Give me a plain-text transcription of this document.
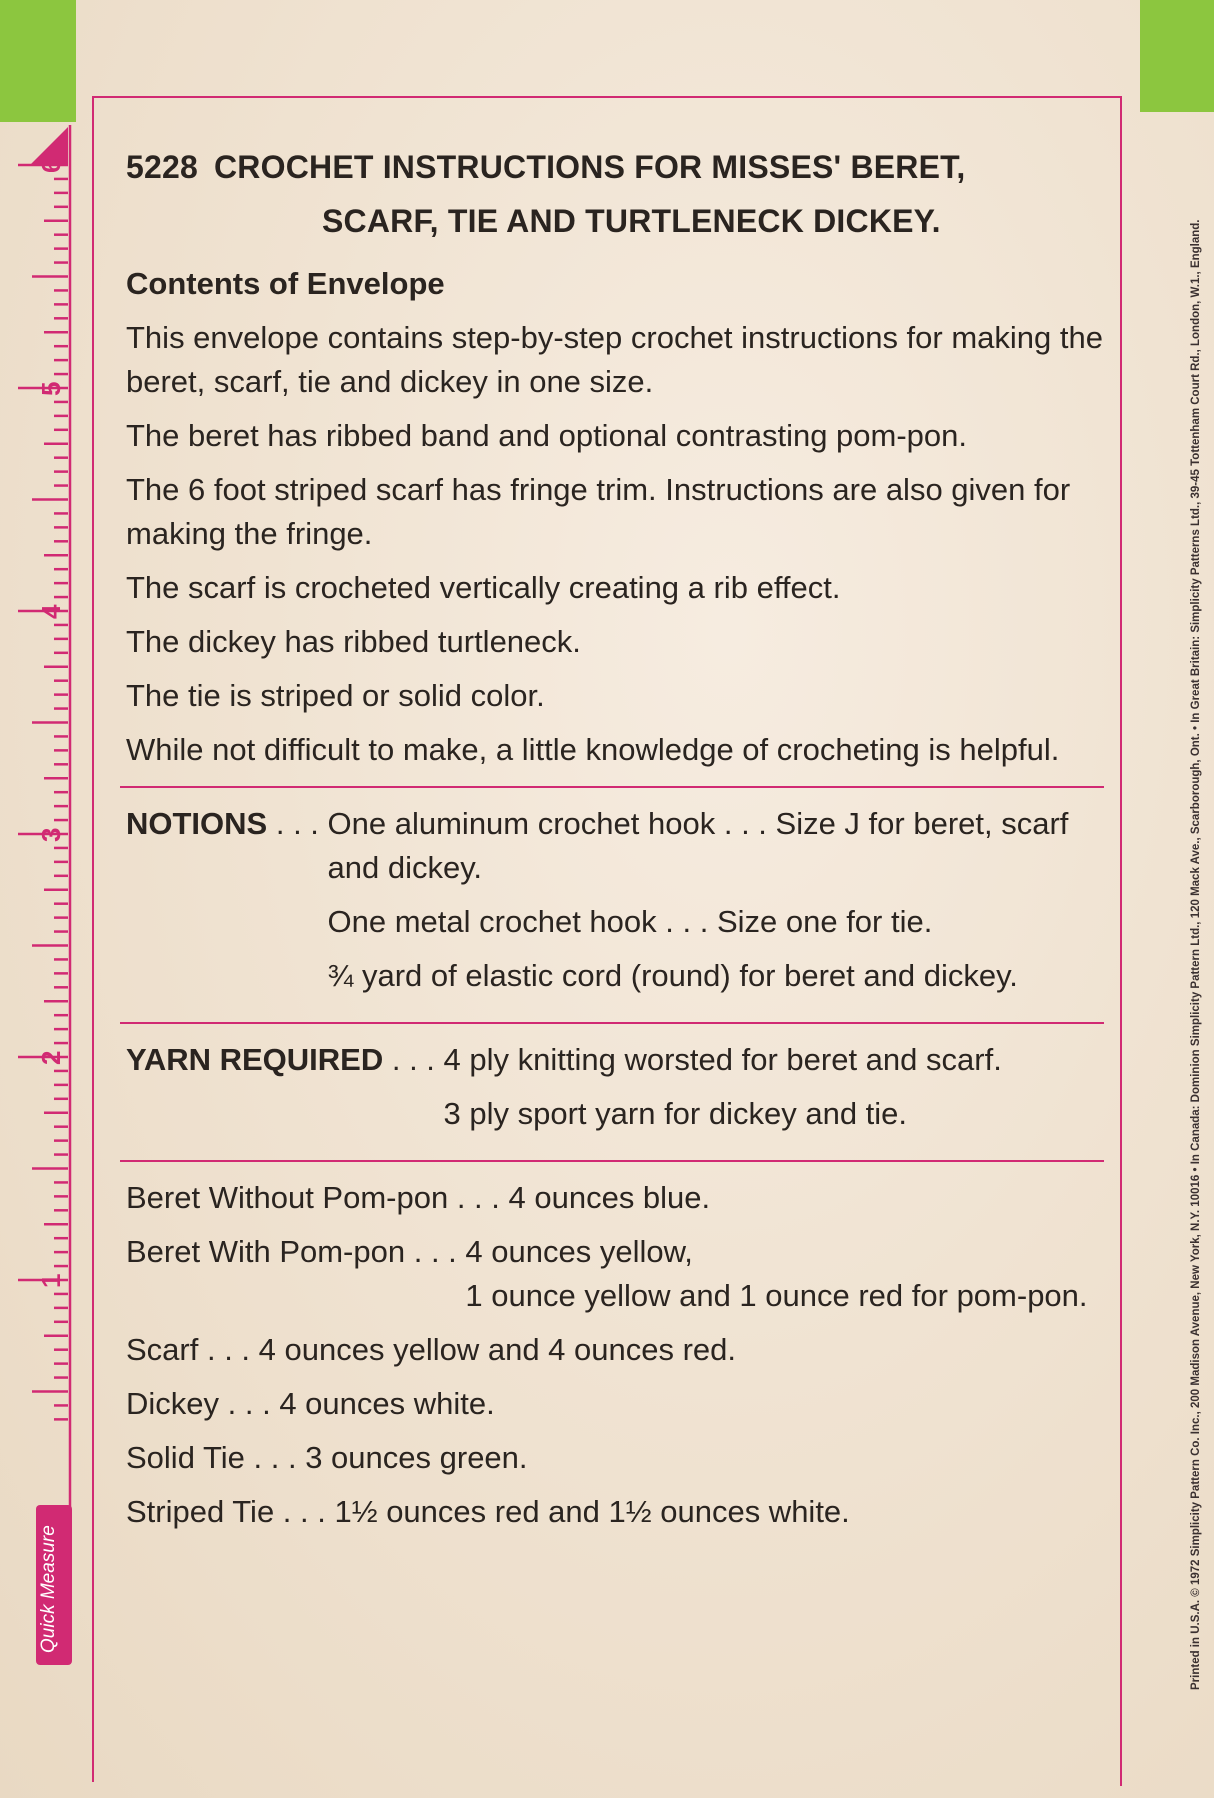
6
5
4
3
2
1
Quick Measure
5228 CROCHET INSTRUCTIONS FOR MISSES' BERET,
SCARF, TIE AND TURTLENECK DICKEY.
Contents of Envelope

This envelope contains step-by-step crochet instructions for making the beret, scarf, tie and dickey in one size.

The beret has ribbed band and optional contrasting pom-pon.

The 6 foot striped scarf has fringe trim. Instructions are also given for making the fringe.

The scarf is crocheted vertically creating a rib effect.

The dickey has ribbed turtleneck.

The tie is striped or solid color.

While not difficult to make, a little knowledge of crocheting is helpful.

NOTIONS . . . One aluminum crochet hook . . . Size J for beret, scarf and dickey.

One metal crochet hook . . . Size one for tie.

¾ yard of elastic cord (round) for beret and dickey.

YARN REQUIRED . . . 4 ply knitting worsted for beret and scarf.

3 ply sport yarn for dickey and tie.

Beret Without Pom-pon . . . 4 ounces blue.

Beret With Pom-pon . . . 4 ounces yellow,

1 ounce yellow and 1 ounce red for pom-pon.

Scarf . . . 4 ounces yellow and 4 ounces red.

Dickey . . . 4 ounces white.

Solid Tie . . . 3 ounces green.

Striped Tie . . . 1½ ounces red and 1½ ounces white.	Printed in U.S.A. © 1972 Simplicity Pattern Co. Inc., 200 Madison Avenue, New York, N.Y. 10016 • In Canada: Dominion Simplicity Pattern Ltd., 120 Mack Ave., Scarborough, Ont. • In Great Britain: Simplicity Patterns Ltd., 39-45 Tottenham Court Rd., London, W.1., England.
